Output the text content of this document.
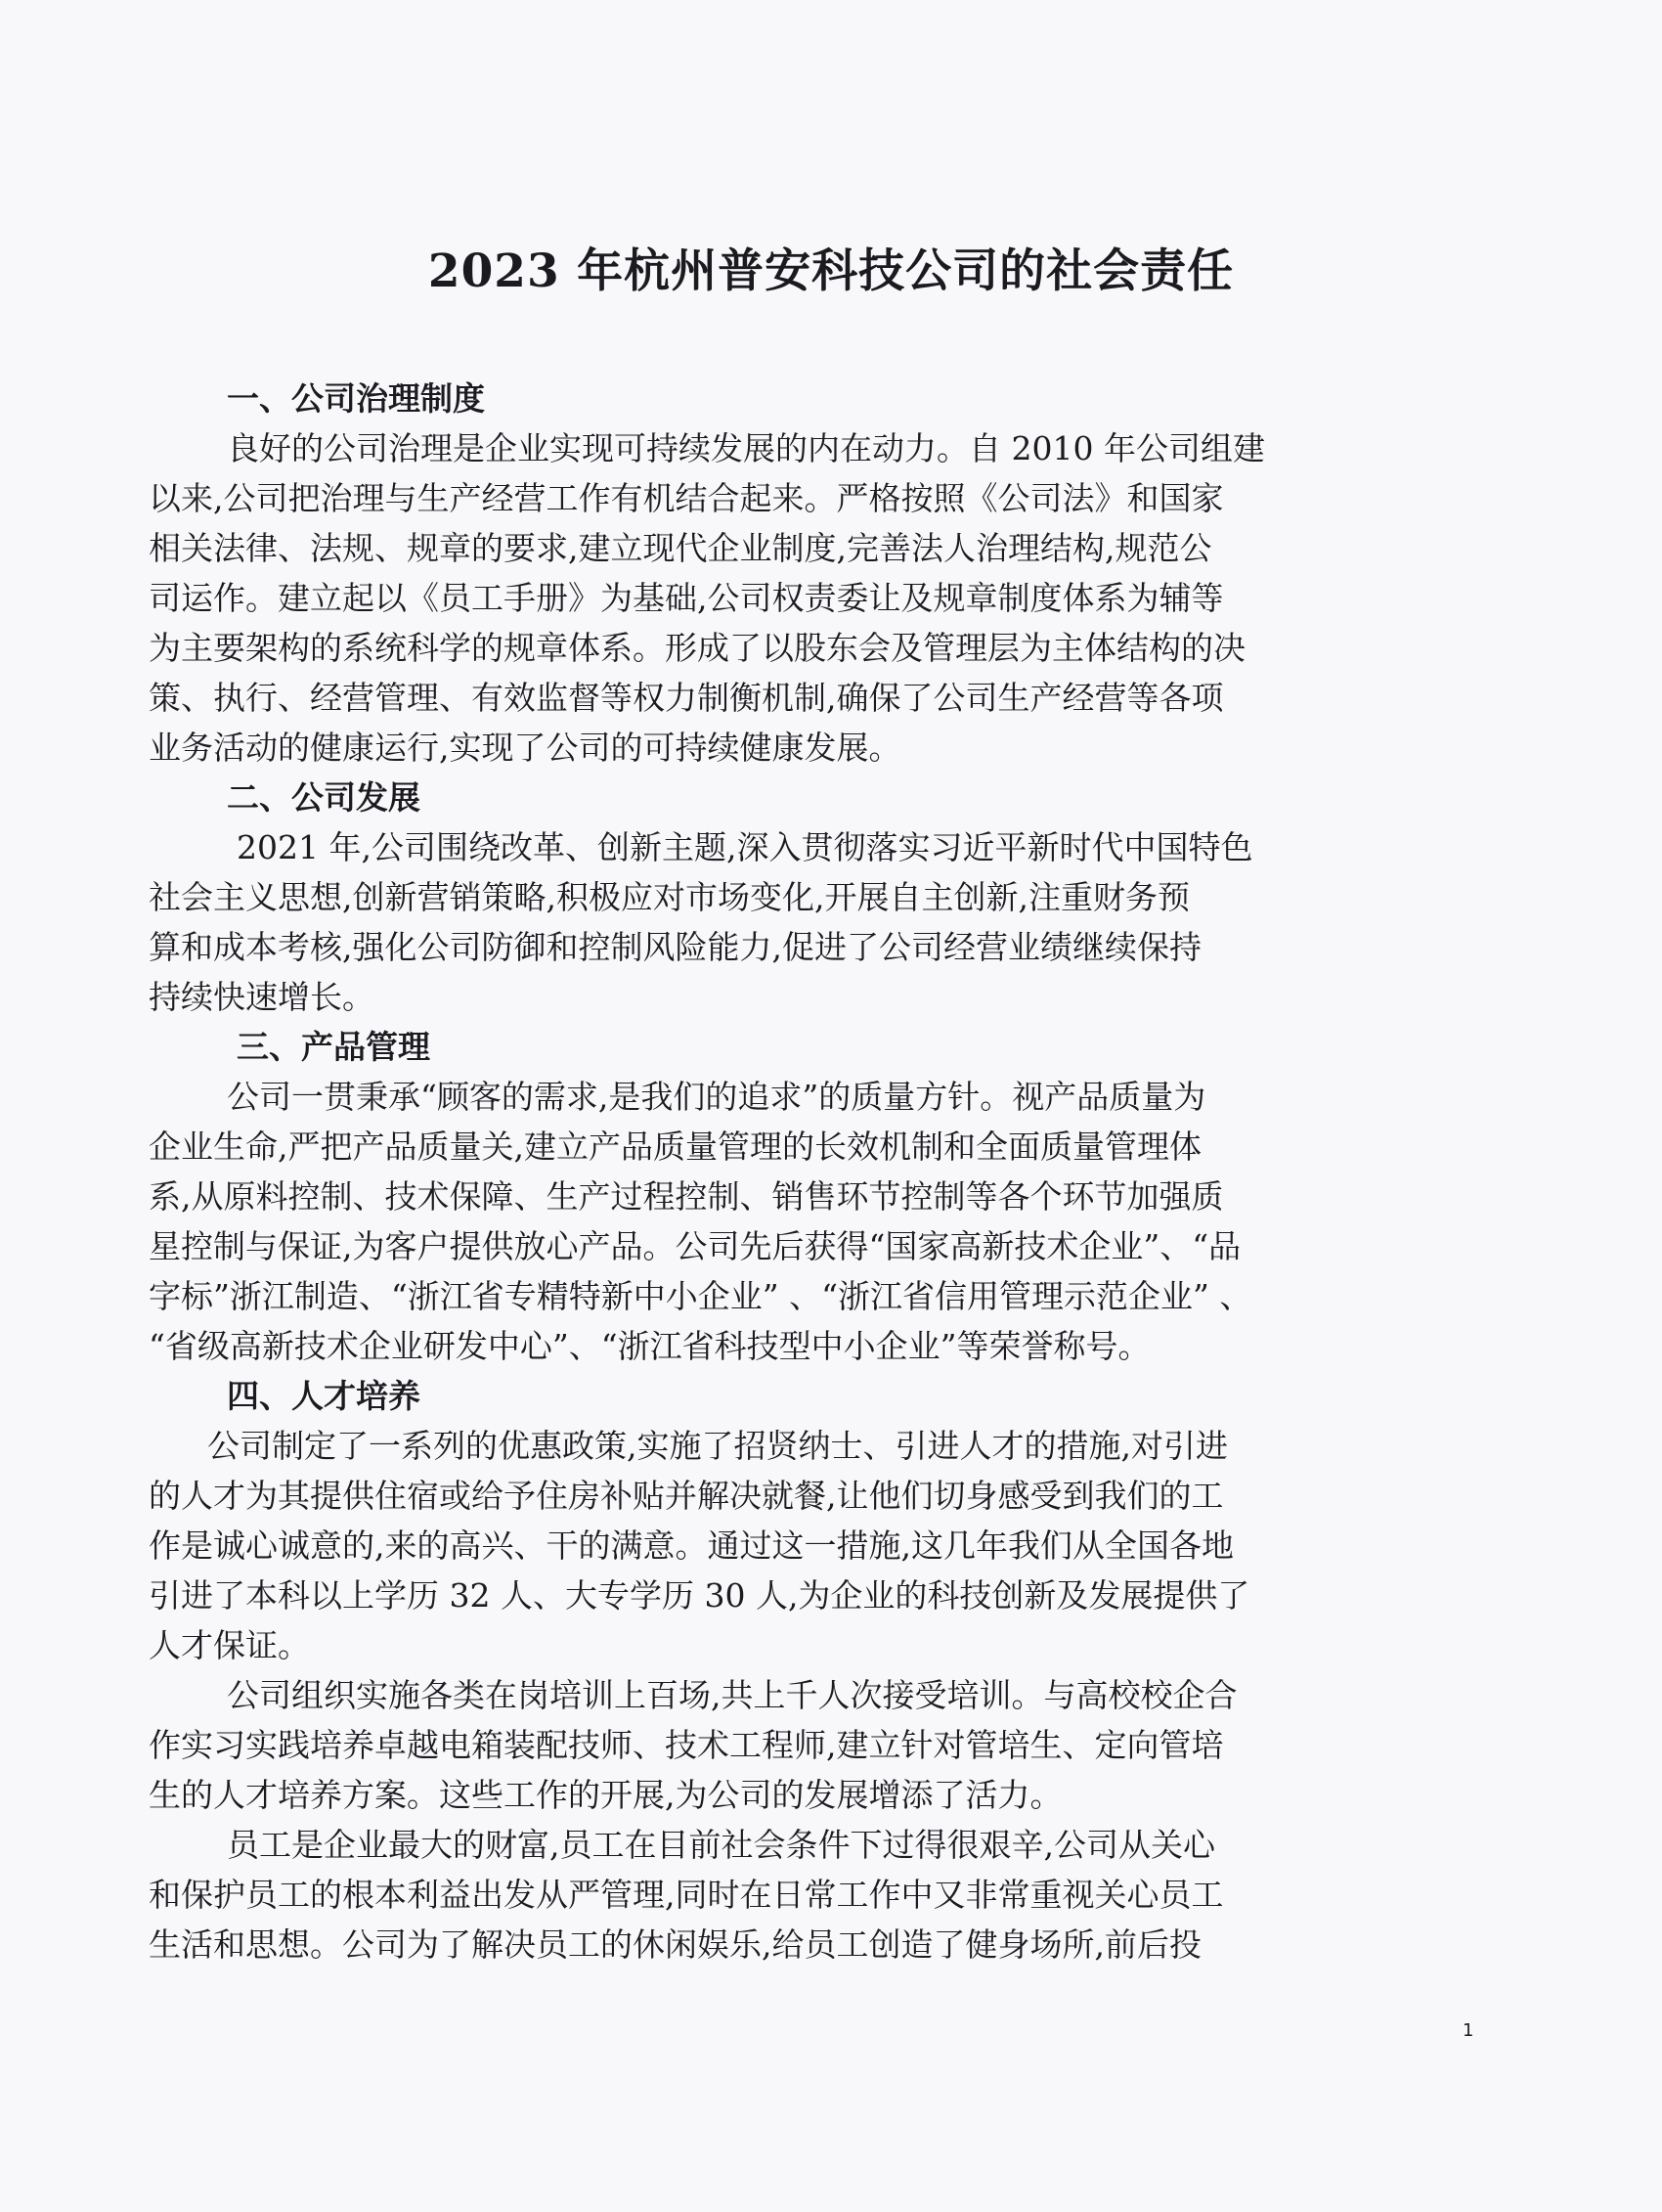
2023 年杭州普安科技公司的社会责任
一、公司治理制度
良好的公司治理是企业实现可持续发展的内在动力。自 2010 年公司组建
以来,公司把治理与生产经营工作有机结合起来。严格按照《公司法》和国家
相关法律、法规、规章的要求,建立现代企业制度,完善法人治理结构,规范公
司运作。建立起以《员工手册》为基础,公司权责委让及规章制度体系为辅等
为主要架构的系统科学的规章体系。形成了以股东会及管理层为主体结构的决
策、执行、经营管理、有效监督等权力制衡机制,确保了公司生产经营等各项
业务活动的健康运行,实现了公司的可持续健康发展。
二、公司发展
2021 年,公司围绕改革、创新主题,深入贯彻落实习近平新时代中国特色
社会主义思想,创新营销策略,积极应对市场变化,开展自主创新,注重财务预
算和成本考核,强化公司防御和控制风险能力,促进了公司经营业绩继续保持
持续快速增长。
三、产品管理
公司一贯秉承“顾客的需求,是我们的追求”的质量方针。视产品质量为
企业生命,严把产品质量关,建立产品质量管理的长效机制和全面质量管理体
系,从原料控制、技术保障、生产过程控制、销售环节控制等各个环节加强质
星控制与保证,为客户提供放心产品。公司先后获得“国家高新技术企业”、“品
字标”浙江制造、“浙江省专精特新中小企业” 、“浙江省信用管理示范企业” 、
“省级高新技术企业研发中心”、“浙江省科技型中小企业”等荣誉称号。
四、人才培养
公司制定了一系列的优惠政策,实施了招贤纳士、引进人才的措施,对引进
的人才为其提供住宿或给予住房补贴并解决就餐,让他们切身感受到我们的工
作是诚心诚意的,来的高兴、干的满意。通过这一措施,这几年我们从全国各地
引进了本科以上学历 32 人、大专学历 30 人,为企业的科技创新及发展提供了
人才保证。
公司组织实施各类在岗培训上百场,共上千人次接受培训。与高校校企合
作实习实践培养卓越电箱装配技师、技术工程师,建立针对管培生、定向管培
生的人才培养方案。这些工作的开展,为公司的发展增添了活力。
员工是企业最大的财富,员工在目前社会条件下过得很艰辛,公司从关心
和保护员工的根本利益出发从严管理,同时在日常工作中又非常重视关心员工
生活和思想。公司为了解决员工的休闲娱乐,给员工创造了健身场所,前后投
1
